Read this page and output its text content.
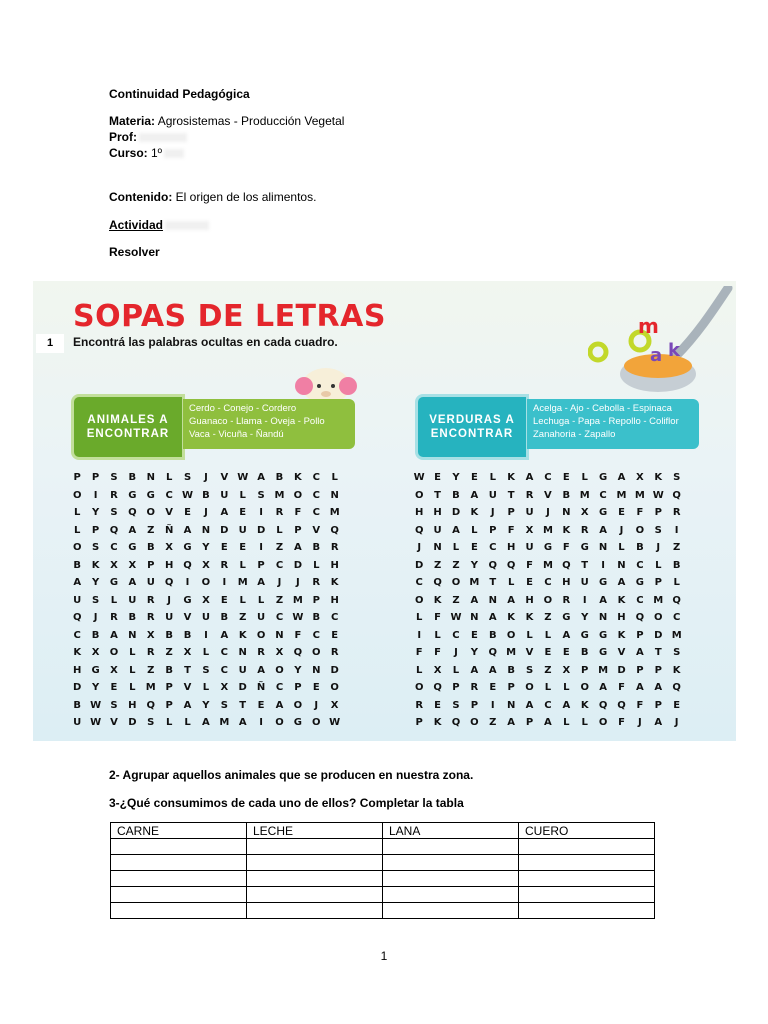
Continuidad Pedagógica
Materia: Agrosistemas - Producción Vegetal
Prof:
Curso: 1º
Contenido: El origen de los alimentos.
Actividad
Resolver
SOPAS DE LETRAS
1	Encontrá las palabras ocultas en cada cuadro.
m
a k
ANIMALES A
ENCONTRAR
Cerdo - Conejo - Cordero
Guanaco - Llama - Oveja - Pollo
Vaca - Vicuña - Ñandú
VERDURAS A
ENCONTRAR
Acelga - Ajo - Cebolla - Espinaca
Lechuga - Papa - Repollo - Coliflor
Zanahoria - Zapallo
P	P	S	B	N	L	S	J	V W A	B	K	C	L
O	I	R	G	G	C W B	U	L	S M O	C	N
L	Y	S	Q O	V	E	J	A	E	I	R	F	C M
L	P	Q	A	Z	Ñ	A	N	D	U	D	L	P	V	Q
O	S	C	G	B	X	G	Y	E	E	I	Z	A	B	R
B	K	X	X	P	H Q	X	R	L	P	C	D	L	H
A	Y	G	A	U	Q	I	O	I	M A	J	J	R	K
U	S	L	U	R	J	G	X	E	L	L	Z M P	H
Q	J	R	B	R	U	V	U	B	Z	U	C W B	C
C	B	A	N	X	B	B	I	A	K	O N	F	C	E
K	X	O	L	R	Z	X	L	C	N	R	X	Q O	R
H	G	X	L	Z	B	T	S	C	U	A	O	Y	N	D
D	Y	E	L	M P	V	L	X	D	Ñ	C	P	E	O
B W S	H Q	P	A	Y	S	T	E	A	O	J	X
U W V	D	S	L	L	A M A	I	O	G	O W
W E	Y	E	L	K	A	C	E	L	G	A	X	K	S
O	T	B	A	U	T	R	V	B M C M M W Q
H	H	D	K	J	P	U	J	N	X	G	E	F	P	R
Q	U	A	L	P	F	X M K	R	A	J	O	S	I
J	N	L	E	C	H	U	G	F	G	N	L	B	J	Z
D	Z	Z	Y	Q Q	F	M Q	T	I	N	C	L	B
C	Q O M	T	L	E	C	H	U	G	A	G	P	L
O	K	Z	A	N	A	H O	R	I	A	K	C M Q
L	F W N	A	K	K	Z	G	Y	N	H Q O	C
I	L	C	E	B	O	L	L	A	G	G	K	P	D M
F	F	J	Y	Q M V	E	E	B	G	V	A	T	S
L	X	L	A	A	B	S	Z	X	P M D	P	P	K
O Q	P	R	E	P	O	L	L	O	A	F	A	A	Q
R	E	S	P	I	N	A	C	A	K	Q Q	F	P	E
P	K	Q O	Z	A	P	A	L	L	O	F	J	A	J
2- Agrupar aquellos animales que se producen en nuestra zona.
3-¿Qué consumimos de cada uno de ellos? Completar la tabla
CARNE	LECHE	LANA	CUERO

1
